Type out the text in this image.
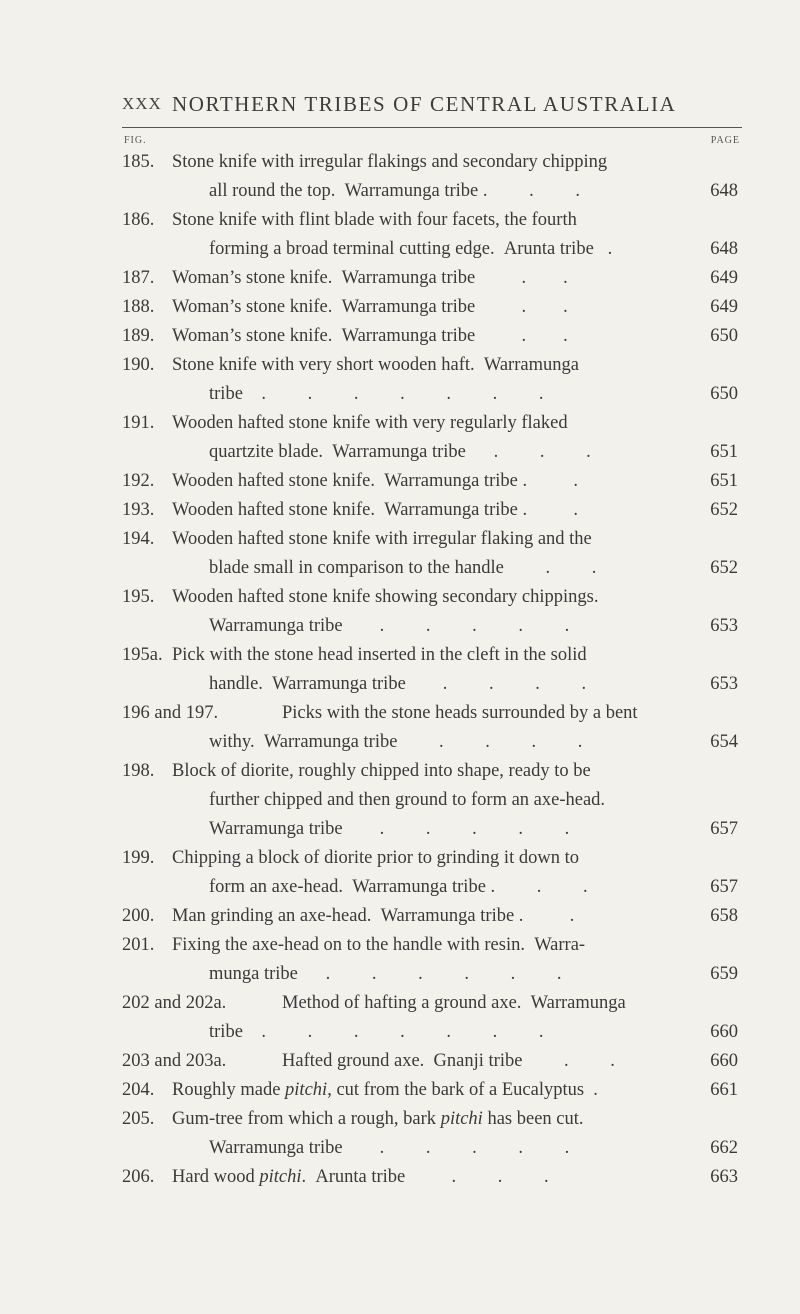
XXX NORTHERN TRIBES OF CENTRAL AUSTRALIA
FIG.	PAGE
185. Stone knife with irregular flakings and secondary chipping
all round the top.  Warramunga tribe .         .         .	648
186. Stone knife with flint blade with four facets, the fourth
forming a broad terminal cutting edge.  Arunta tribe   .	648
187. Woman’s stone knife.  Warramunga tribe          .        .	649
188. Woman’s stone knife.  Warramunga tribe          .        .	649
189. Woman’s stone knife.  Warramunga tribe          .        .	650
190. Stone knife with very short wooden haft.  Warramunga
tribe    .         .         .         .         .         .         .	650
191. Wooden hafted stone knife with very regularly flaked
quartzite blade.  Warramunga tribe      .         .         .	651
192. Wooden hafted stone knife.  Warramunga tribe .          .	651
193. Wooden hafted stone knife.  Warramunga tribe .          .	652
194. Wooden hafted stone knife with irregular flaking and the
blade small in comparison to the handle         .         .	652
195. Wooden hafted stone knife showing secondary chippings.
Warramunga tribe        .         .         .         .         .	653
195a. Pick with the stone head inserted in the cleft in the solid
handle.  Warramunga tribe        .         .         .         .	653
196 and 197.	Picks with the stone heads surrounded by a bent
withy.  Warramunga tribe         .         .         .         .	654
198. Block of diorite, roughly chipped into shape, ready to be
further chipped and then ground to form an axe-head.
Warramunga tribe        .         .         .         .         .	657
199. Chipping a block of diorite prior to grinding it down to
form an axe-head.  Warramunga tribe .         .         .	657
200. Man grinding an axe-head.  Warramunga tribe .          .	658
201. Fixing the axe-head on to the handle with resin.  Warra-
munga tribe      .         .         .         .         .         .	659
202 and 202a.	Method of hafting a ground axe.  Warramunga
tribe    .         .         .         .         .         .         .	660
203 and 203a.	Hafted ground axe.  Gnanji tribe         .         .	660
204. Roughly made pitchi, cut from the bark of a Eucalyptus  .	661
205. Gum-tree from which a rough, bark pitchi has been cut.
Warramunga tribe        .         .         .         .         .	662
206. Hard wood pitchi.  Arunta tribe          .         .         .	663
